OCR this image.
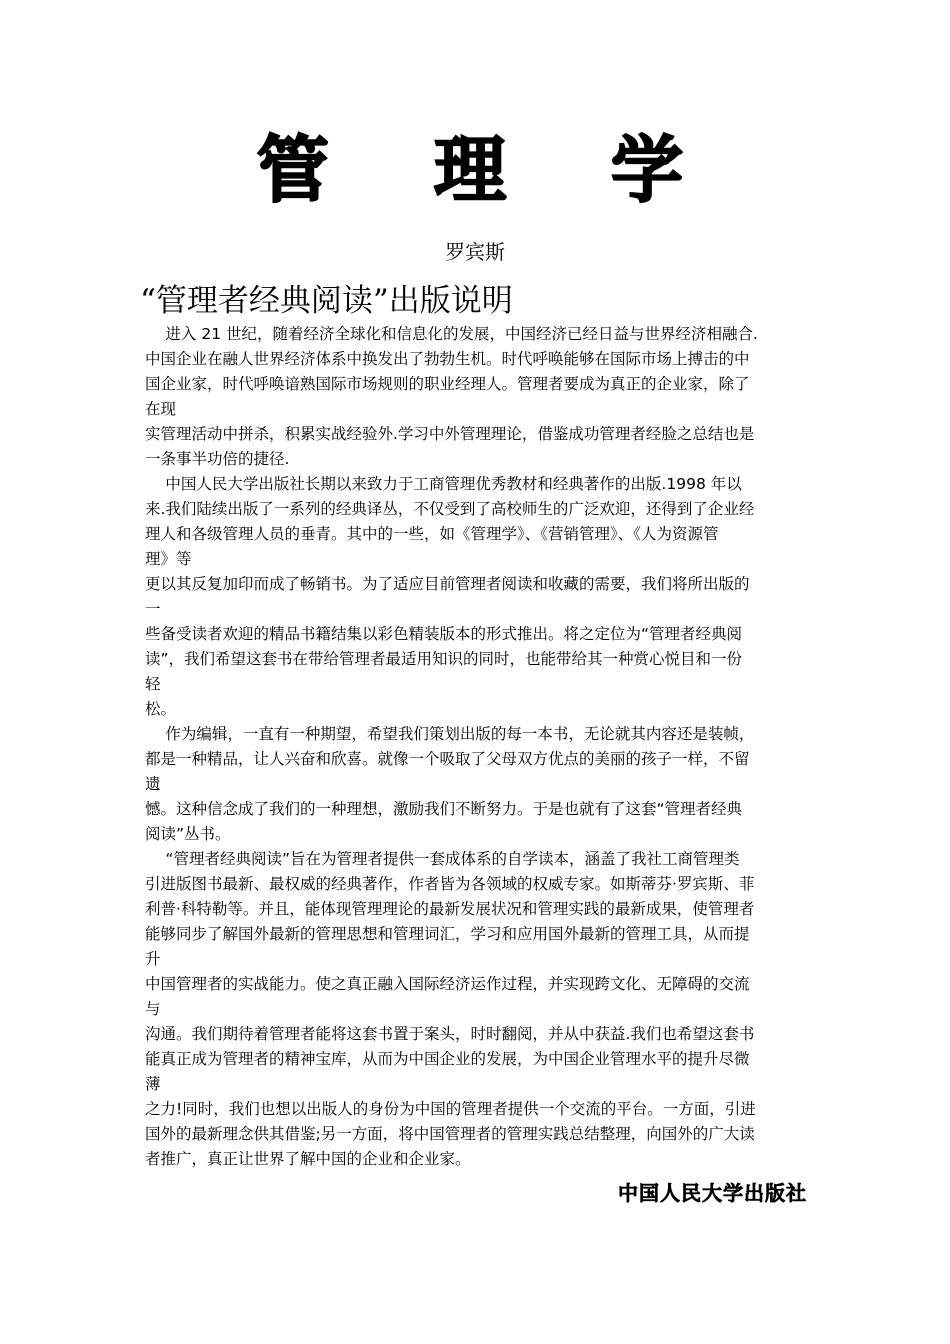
管 理 学
罗宾斯
“管理者经典阅读”出版说明
  进入 21 世纪，随着经济全球化和信息化的发展，中国经济已经日益与世界经济相融合.
中国企业在融人世界经济体系中换发出了勃勃生机。时代呼唤能够在国际市场上搏击的中
国企业家，时代呼唤谙熟国际市场规则的职业经理人。管理者要成为真正的企业家，除了
在现
实管理活动中拼杀，积累实战经验外.学习中外管理理论，借鉴成功管理者经脸之总结也是
一条事半功倍的捷径.
  中国人民大学出版社长期以来致力于工商管理优秀教材和经典著作的出版.1998 年以
来.我们陆续出版了一系列的经典译丛，不仅受到了高校师生的广泛欢迎，还得到了企业经
理人和各级管理人员的垂青。其中的一些，如《管理学》、《营销管理》、《人为资源管
理》等
更以其反复加印而成了畅销书。为了适应目前管理者阅读和收藏的需要，我们将所出版的
一
些备受读者欢迎的精品书籍结集以彩色精装版本的形式推出。将之定位为“管理者经典阅
读”，我们希望这套书在带给管理者最适用知识的同时，也能带给其一种赏心悦目和一份
轻
松。
  作为编辑，一直有一种期望，希望我们策划出版的每一本书，无论就其内容还是装帧，
都是一种精品，让人兴奋和欣喜。就像一个吸取了父母双方优点的美丽的孩子一样，不留
遗
憾。这种信念成了我们的一种理想，激励我们不断努力。于是也就有了这套“管理者经典
阅读”丛书。
  “管理者经典阅读”旨在为管理者提供一套成体系的自学读本，涵盖了我社工商管理类
引进版图书最新、最权威的经典著作，作者皆为各领域的权威专家。如斯蒂芬·罗宾斯、菲
利普·科特勒等。并且，能体现管理理论的最新发展状况和管理实践的最新成果，使管理者
能够同步了解国外最新的管理思想和管理词汇，学习和应用国外最新的管理工具，从而提
升
中国管理者的实战能力。使之真正融入国际经济运作过程，并实现跨文化、无障碍的交流
与
沟通。我们期待着管理者能将这套书置于案头，时时翻阅，并从中获益.我们也希望这套书
能真正成为管理者的精神宝库，从而为中国企业的发展，为中国企业管理水平的提升尽微
薄
之力!同时，我们也想以出版人的身份为中国的管理者提供一个交流的平台。一方面，引进
国外的最新理念供其借鉴;另一方面，将中国管理者的管理实践总结整理，向国外的广大读
者推广，真正让世界了解中国的企业和企业家。
中国人民大学出版社
